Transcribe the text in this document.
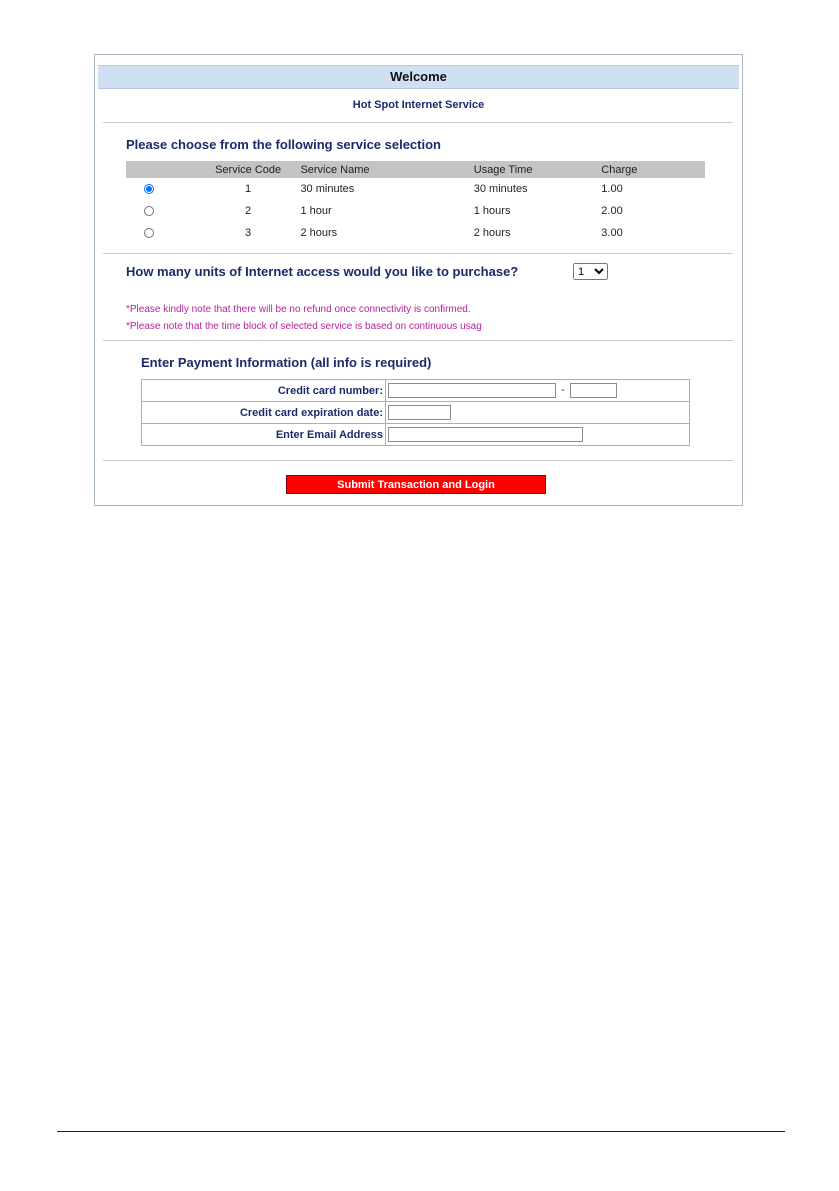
Welcome
Hot Spot Internet Service
Please choose from the following service selection
	Service Code	Service Name	Usage Time	Charge
	1	30 minutes	30 minutes	1.00
	2	1 hour	1 hours	2.00
	3	2 hours	2 hours	3.00
How many units of Internet access would you like to purchase?
1
*Please kindly note that there will be no refund once connectivity is confirmed.
*Please note that the time block of selected service is based on continuous usag
Enter Payment Information (all info is required)
Credit card number:	-
Credit card expiration date:	
Enter Email Address	
Submit Transaction and Login
